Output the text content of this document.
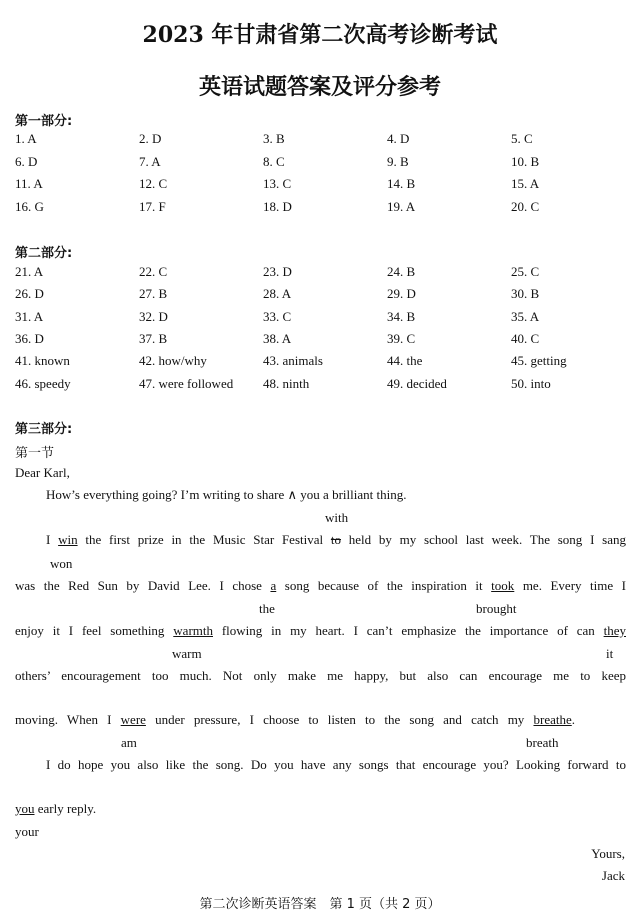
2023 年甘肃省第二次高考诊断考试
英语试题答案及评分参考
第一部分:
1. A	2. D	3. B	4. D	5. C
6. D	7. A	8. C	9. B	10. B
11. A	12. C	13. C	14. B	15. A
16. G	17. F	18. D	19. A	20. C
第二部分:
21. A	22. C	23. D	24. B	25. C
26. D	27. B	28. A	29. D	30. B
31. A	32. D	33. C	34. B	35. A
36. D	37. B	38. A	39. C	40. C
41. known	42. how/why	43. animals	44. the	45. getting
46. speedy	47. were followed 48. ninth	49. decided	50. into
第三部分:
第一节
Dear Karl,
How’s everything going? I’m writing to share ∧ you a brilliant thing.
with
I win the first prize in the Music Star Festival to held by my school last week. The song I sang
won
was the Red Sun by David Lee. I chose a song because of the inspiration it took me. Every time I
the	brought
enjoy it I feel something warmth flowing in my heart. I can’t emphasize the importance of can they
warm	it
others’ encouragement too much. Not only make me happy, but also can encourage me to keep
moving. When I were under pressure, I choose to listen to the song and catch my breathe.
am	breath
I do hope you also like the song. Do you have any songs that encourage you? Looking forward to
you early reply.
your
Yours,
Jack
第二次诊断英语答案　第 1 页（共 2 页）
